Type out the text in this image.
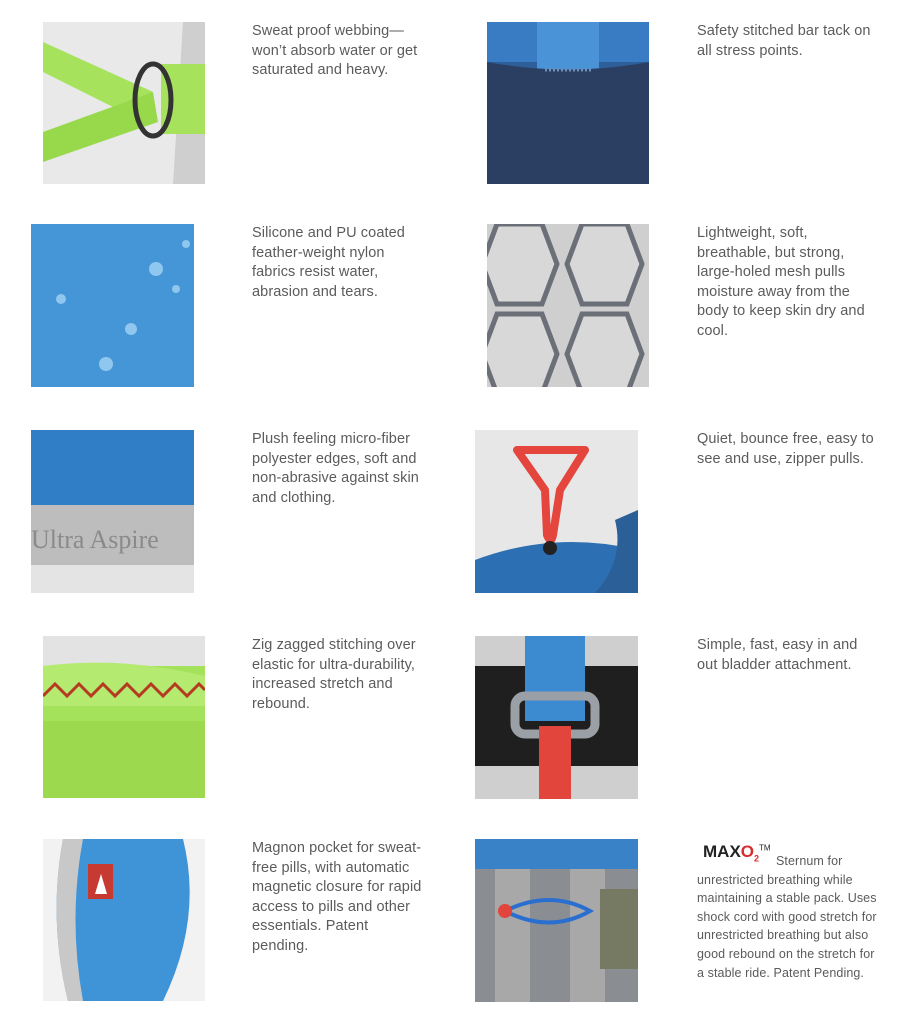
Sweat proof webbing—won’t absorb water or get saturated and heavy.
Safety stitched bar tack on all stress points.
Silicone and PU coated feather-weight nylon fabrics resist water, abrasion and tears.
Lightweight, soft, breathable, but strong, large-holed mesh pulls moisture away from the body to keep skin dry and cool.
Ultra Aspire
Plush feeling micro-fiber polyester edges, soft and non-abrasive against skin and clothing.
Quiet, bounce free, easy to see and use, zipper pulls.
Zig zagged stitching over elastic for ultra-durability, increased stretch and rebound.
Simple, fast, easy in and out bladder attachment.
Magnon pocket for sweat-free pills, with automatic magnetic closure for rapid access to pills and other essentials. Patent pending.
$MAXO_2™$
Sternum for unrestricted breathing while maintaining a stable pack. Uses shock cord with good stretch for unrestricted breathing but also good rebound on the stretch for a stable ride. Patent Pending.
